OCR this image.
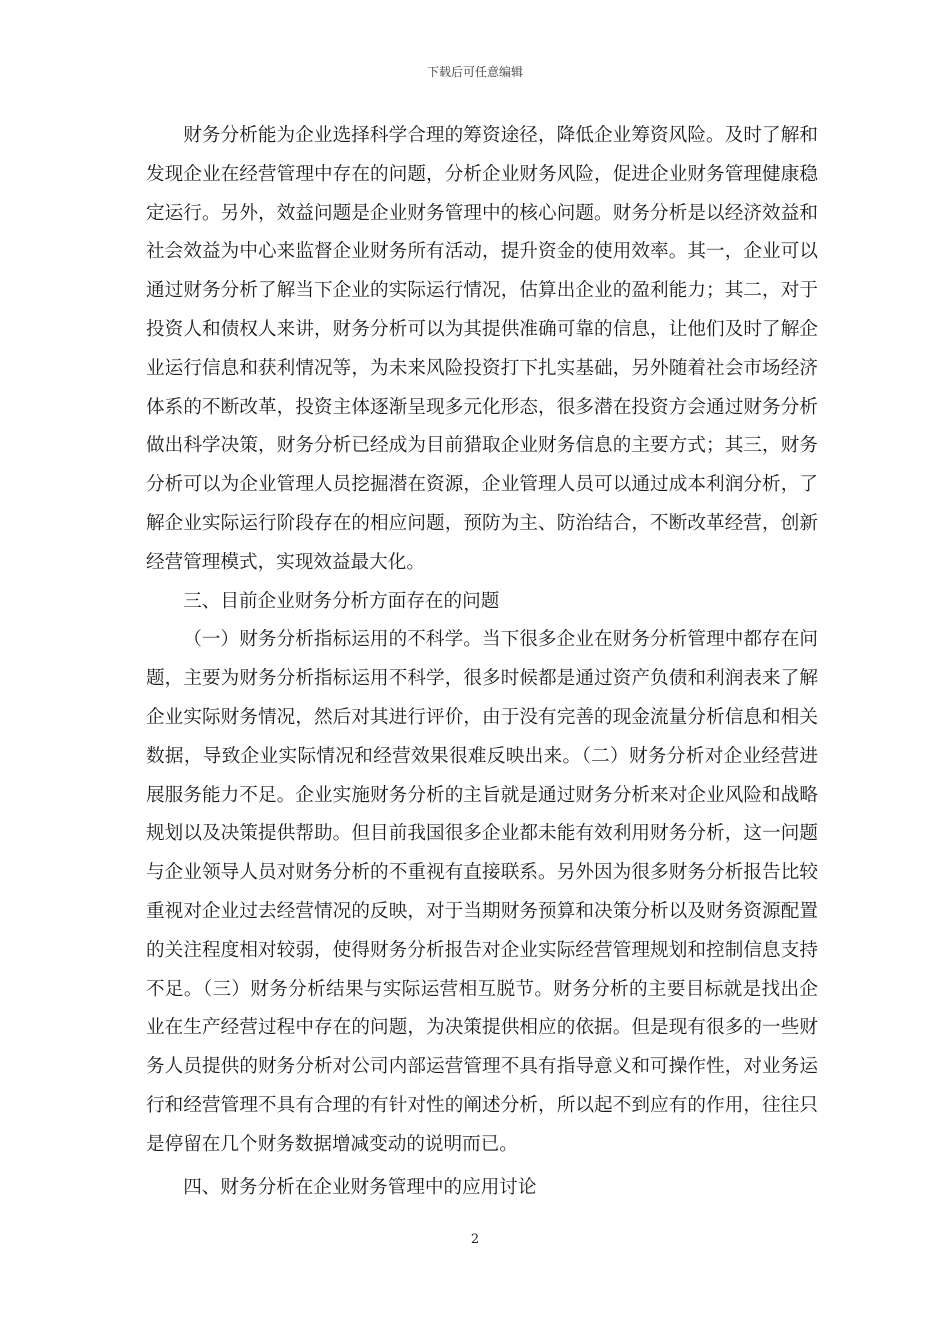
下载后可任意编辑

财务分析能为企业选择科学合理的筹资途径，降低企业筹资风险。及时了解和发现企业在经营管理中存在的问题，分析企业财务风险，促进企业财务管理健康稳定运行。另外，效益问题是企业财务管理中的核心问题。财务分析是以经济效益和社会效益为中心来监督企业财务所有活动，提升资金的使用效率。其一，企业可以通过财务分析了解当下企业的实际运行情况，估算出企业的盈利能力；其二，对于投资人和债权人来讲，财务分析可以为其提供准确可靠的信息，让他们及时了解企业运行信息和获利情况等，为未来风险投资打下扎实基础，另外随着社会市场经济体系的不断改革，投资主体逐渐呈现多元化形态，很多潜在投资方会通过财务分析做出科学决策，财务分析已经成为目前猎取企业财务信息的主要方式；其三，财务分析可以为企业管理人员挖掘潜在资源，企业管理人员可以通过成本利润分析，了解企业实际运行阶段存在的相应问题，预防为主、防治结合，不断改革经营，创新经营管理模式，实现效益最大化。

三、目前企业财务分析方面存在的问题

（一）财务分析指标运用的不科学。当下很多企业在财务分析管理中都存在问题，主要为财务分析指标运用不科学，很多时候都是通过资产负债和利润表来了解企业实际财务情况，然后对其进行评价，由于没有完善的现金流量分析信息和相关数据，导致企业实际情况和经营效果很难反映出来。（二）财务分析对企业经营进展服务能力不足。企业实施财务分析的主旨就是通过财务分析来对企业风险和战略规划以及决策提供帮助。但目前我国很多企业都未能有效利用财务分析，这一问题与企业领导人员对财务分析的不重视有直接联系。另外因为很多财务分析报告比较重视对企业过去经营情况的反映，对于当期财务预算和决策分析以及财务资源配置的关注程度相对较弱，使得财务分析报告对企业实际经营管理规划和控制信息支持不足。（三）财务分析结果与实际运营相互脱节。财务分析的主要目标就是找出企业在生产经营过程中存在的问题，为决策提供相应的依据。但是现有很多的一些财务人员提供的财务分析对公司内部运营管理不具有指导意义和可操作性，对业务运行和经营管理不具有合理的有针对性的阐述分析，所以起不到应有的作用，往往只是停留在几个财务数据增减变动的说明而已。

四、财务分析在企业财务管理中的应用讨论

2
